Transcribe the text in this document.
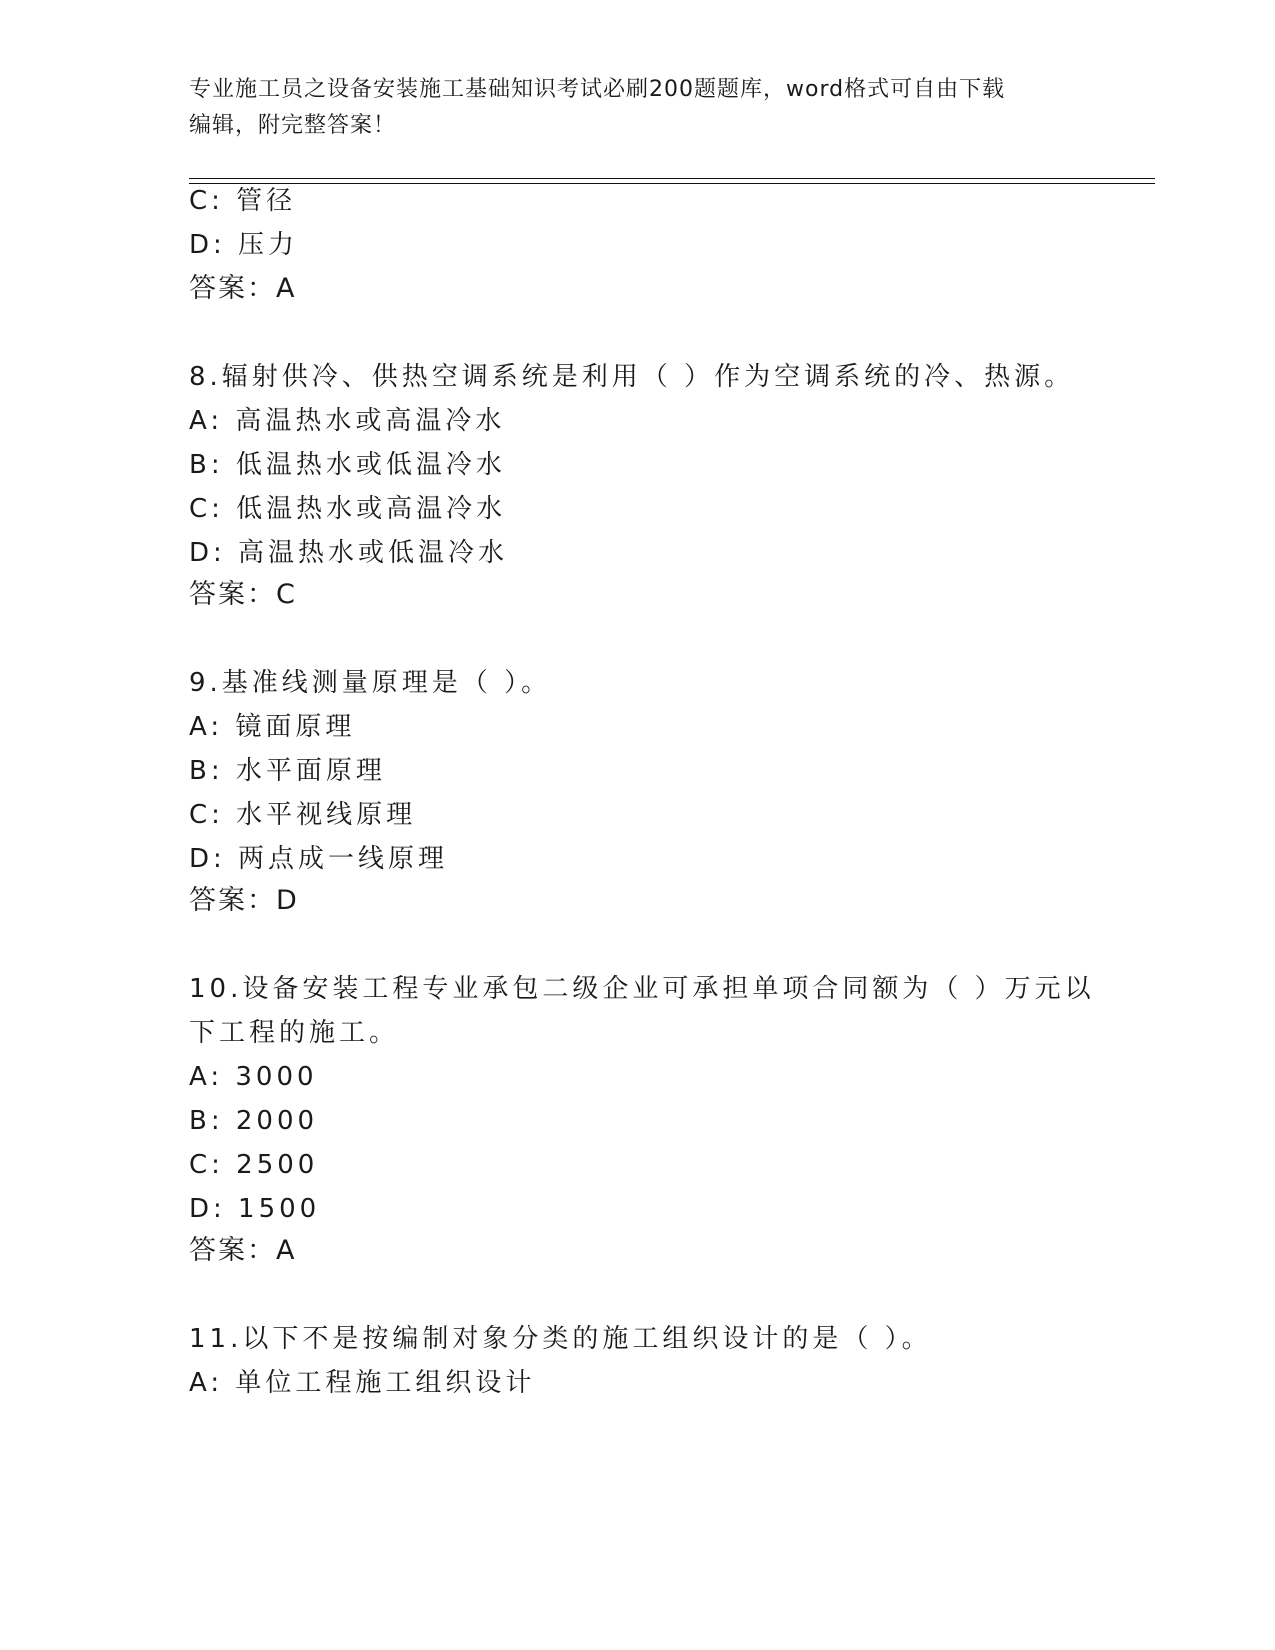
专业施工员之设备安装施工基础知识考试必刷200题题库，word格式可自由下载
编辑，附完整答案！
C: 管径
D: 压力
答案：A
8.辐射供冷、供热空调系统是利用（ ）作为空调系统的冷、热源。
A: 高温热水或高温冷水
B: 低温热水或低温冷水
C: 低温热水或高温冷水
D: 高温热水或低温冷水
答案：C
9.基准线测量原理是（ ）。
A: 镜面原理
B: 水平面原理
C: 水平视线原理
D: 两点成一线原理
答案：D
10.设备安装工程专业承包二级企业可承担单项合同额为（ ）万元以
下工程的施工。
A: 3000
B: 2000
C: 2500
D: 1500
答案：A
11.以下不是按编制对象分类的施工组织设计的是（ ）。
A: 单位工程施工组织设计
